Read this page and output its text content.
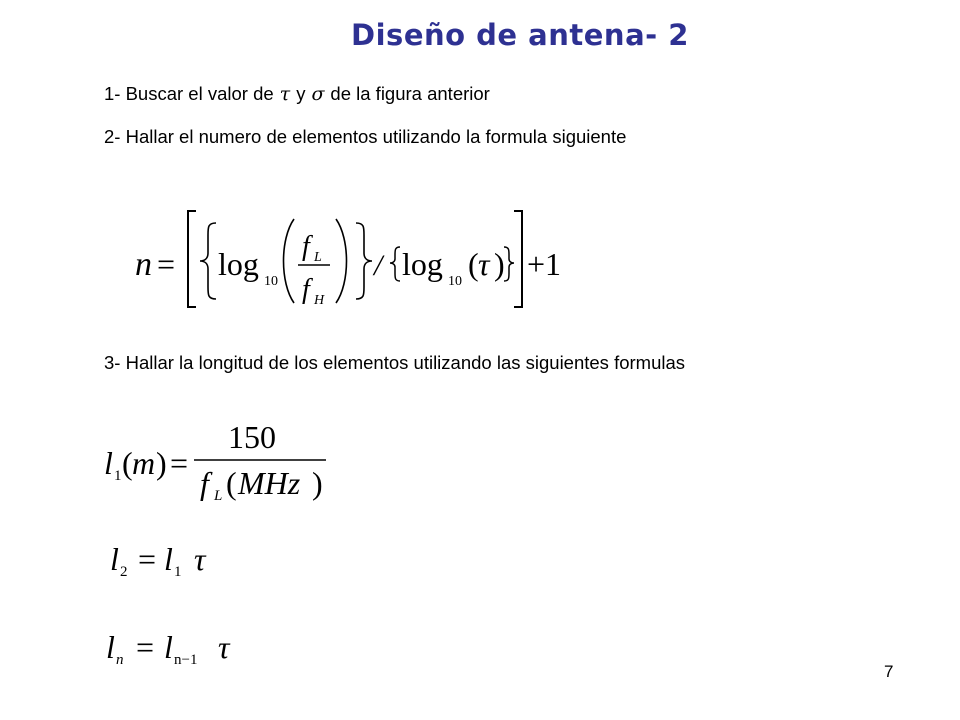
Diseño de antena- 2
1- Buscar el valor de τ y σ de la figura anterior
2- Hallar el numero de elementos utilizando la formula siguiente
n = log 10
f L
f H
/ log 10 ( τ ) +1
3- Hallar la longitud de los elementos utilizando las siguientes formulas
l 1 ( m ) =
150
f L ( MHz )
l 2 = l 1 τ
l n = l n−1 τ
7
